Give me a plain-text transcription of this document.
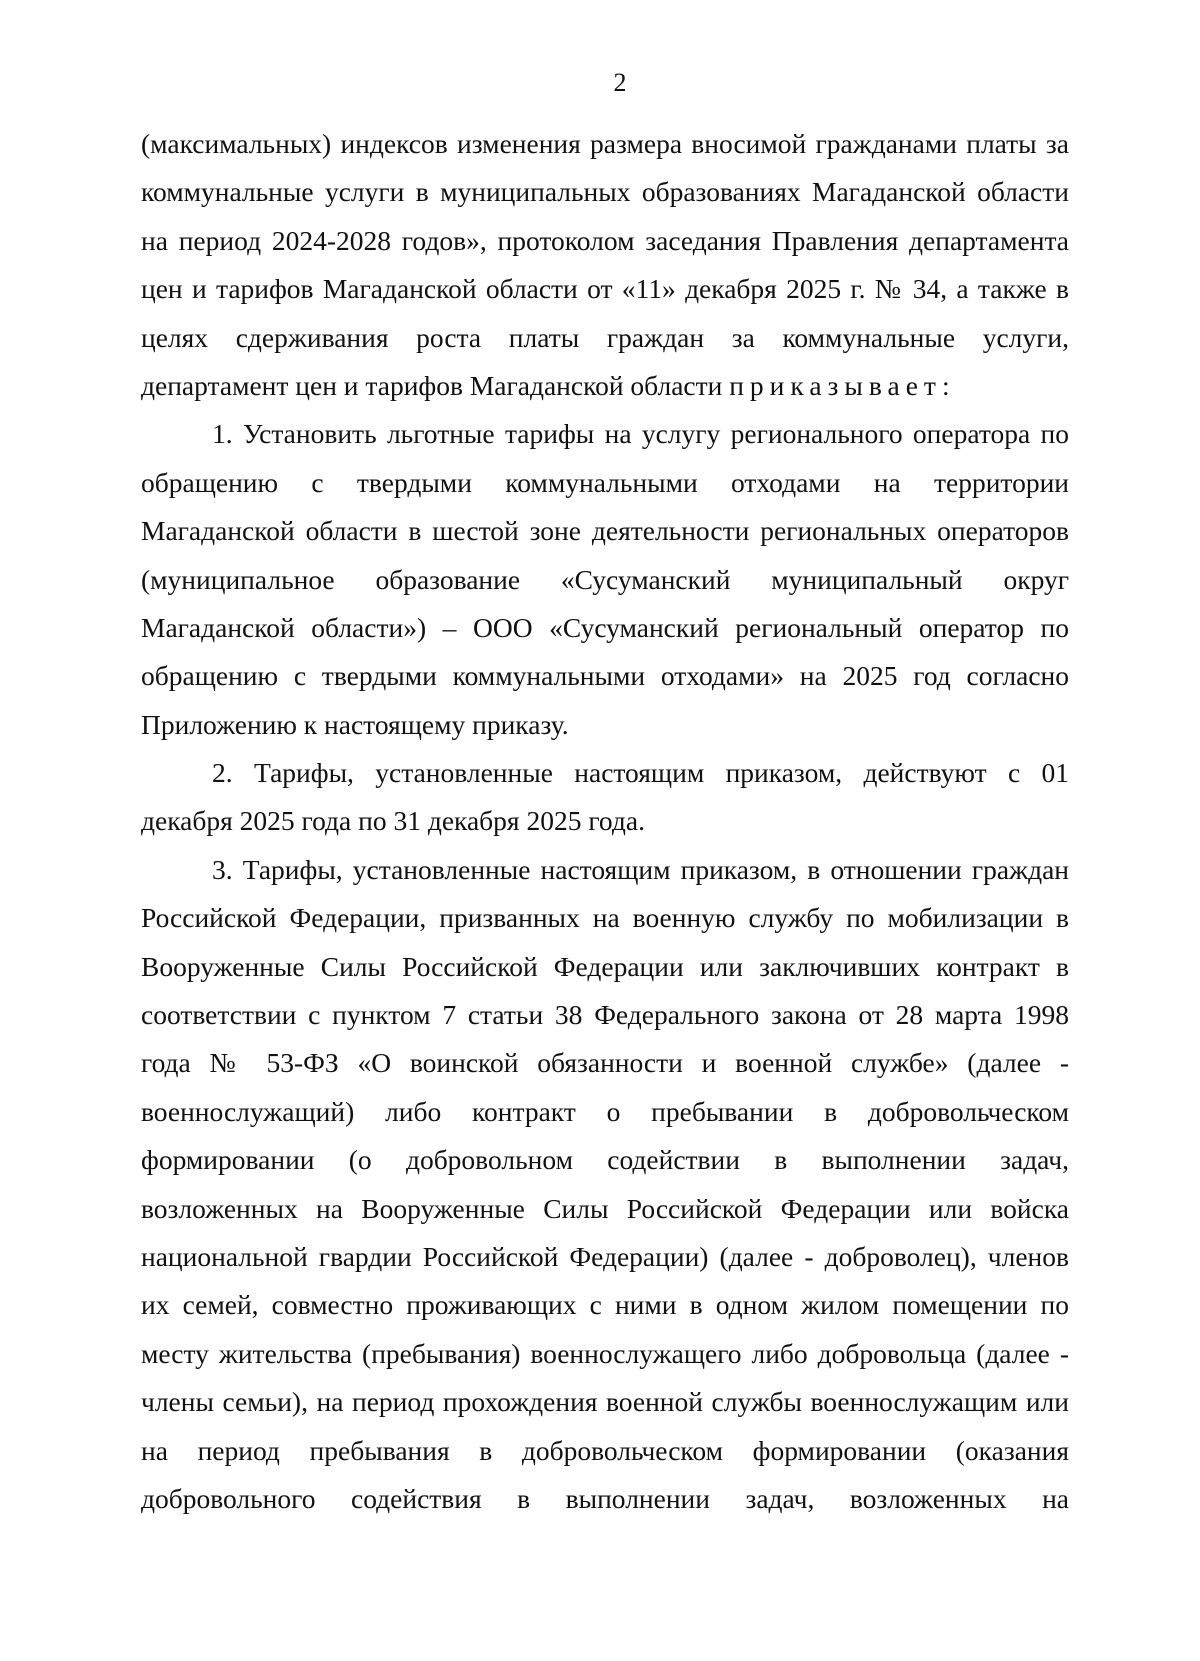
2
(максимальных) индексов изменения размера вносимой гражданами платы за
коммунальные услуги в муниципальных образованиях Магаданской области
на период 2024-2028 годов», протоколом заседания Правления департамента
цен и тарифов Магаданской области от «11» декабря 2025 г. № 34, а также в
целях сдерживания роста платы граждан за коммунальные услуги,
департамент цен и тарифов Магаданской области приказывает:
1. Установить льготные тарифы на услугу регионального оператора по
обращению с твердыми коммунальными отходами на территории
Магаданской области в шестой зоне деятельности региональных операторов
(муниципальное образование «Сусуманский муниципальный округ
Магаданской области») – ООО «Сусуманский региональный оператор по
обращению с твердыми коммунальными отходами» на 2025 год согласно
Приложению к настоящему приказу.
2. Тарифы, установленные настоящим приказом, действуют с 01
декабря 2025 года по 31 декабря 2025 года.
3. Тарифы, установленные настоящим приказом, в отношении граждан
Российской Федерации, призванных на военную службу по мобилизации в
Вооруженные Силы Российской Федерации или заключивших контракт в
соответствии с пунктом 7 статьи 38 Федерального закона от 28 марта 1998
года № 53-ФЗ «О воинской обязанности и военной службе» (далее -
военнослужащий) либо контракт о пребывании в добровольческом
формировании (о добровольном содействии в выполнении задач,
возложенных на Вооруженные Силы Российской Федерации или войска
национальной гвардии Российской Федерации) (далее - доброволец), членов
их семей, совместно проживающих с ними в одном жилом помещении по
месту жительства (пребывания) военнослужащего либо добровольца (далее -
члены семьи), на период прохождения военной службы военнослужащим или
на период пребывания в добровольческом формировании (оказания
добровольного содействия в выполнении задач, возложенных на
